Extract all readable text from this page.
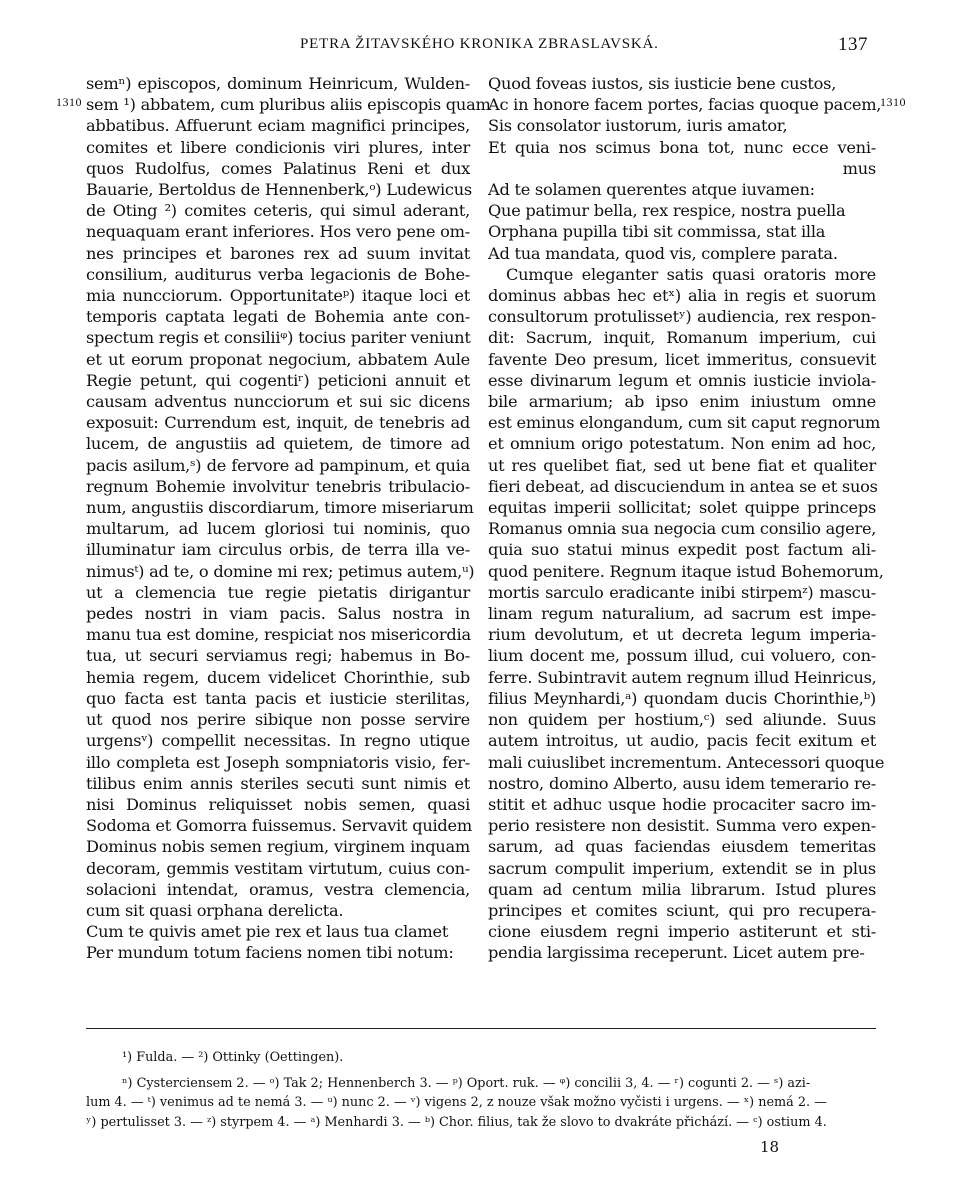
PETRA ŽITAVSKÉHO KRONIKA ZBRASLAVSKÁ.	137
1310	1310
semⁿ) episcopos, dominum Heinricum, Wulden-
sem ¹) abbatem, cum pluribus aliis episcopis quam
abbatibus. Affuerunt eciam magnifici principes,
comites et libere condicionis viri plures, inter
quos Rudolfus, comes Palatinus Reni et dux
Bauarie, Bertoldus de Hennenberk,ᵒ) Ludewicus
de Oting ²) comites ceteris, qui simul aderant,
nequaquam erant inferiores. Hos vero pene om-
nes principes et barones rex ad suum invitat
consilium, auditurus verba legacionis de Bohe-
mia nuncciorum. Opportunitateᵖ) itaque loci et
temporis captata legati de Bohemia ante con-
spectum regis et consiliiᵠ) tocius pariter veniunt
et ut eorum proponat negocium, abbatem Aule
Regie petunt, qui cogentiʳ) peticioni annuit et
causam adventus nuncciorum et sui sic dicens
exposuit: Currendum est, inquit, de tenebris ad
lucem, de angustiis ad quietem, de timore ad
pacis asilum,ˢ) de fervore ad pampinum, et quia
regnum Bohemie involvitur tenebris tribulacio-
num, angustiis discordiarum, timore miseriarum
multarum, ad lucem gloriosi tui nominis, quo
illuminatur iam circulus orbis, de terra illa ve-
nimusᵗ) ad te, o domine mi rex; petimus autem,ᵘ)
ut a clemencia tue regie pietatis dirigantur
pedes nostri in viam pacis. Salus nostra in
manu tua est domine, respiciat nos misericordia
tua, ut securi serviamus regi; habemus in Bo-
hemia regem, ducem videlicet Chorinthie, sub
quo facta est tanta pacis et iusticie sterilitas,
ut quod nos perire sibique non posse servire
urgensᵛ) compellit necessitas. In regno utique
illo completa est Joseph sompniatoris visio, fer-
tilibus enim annis steriles secuti sunt nimis et
nisi Dominus reliquisset nobis semen, quasi
Sodoma et Gomorra fuissemus. Servavit quidem
Dominus nobis semen regium, virginem inquam
decoram, gemmis vestitam virtutum, cuius con-
solacioni intendat, oramus, vestra clemencia,
cum sit quasi orphana derelicta.
Cum te quivis amet pie rex et laus tua clamet
Per mundum totum faciens nomen tibi notum:
Quod foveas iustos, sis iusticie bene custos,
Ac in honore facem portes, facias quoque pacem,
Sis consolator iustorum, iuris amator,
Et quia nos scimus bona tot, nunc ecce veni-
mus
Ad te solamen querentes atque iuvamen:
Que patimur bella, rex respice, nostra puella
Orphana pupilla tibi sit commissa, stat illa
Ad tua mandata, quod vis, complere parata.
Cumque eleganter satis quasi oratoris more
dominus abbas hec etˣ) alia in regis et suorum
consultorum protulissetʸ) audiencia, rex respon-
dit: Sacrum, inquit, Romanum imperium, cui
favente Deo presum, licet immeritus, consuevit
esse divinarum legum et omnis iusticie inviola-
bile armarium; ab ipso enim iniustum omne
est eminus elongandum, cum sit caput regnorum
et omnium origo potestatum. Non enim ad hoc,
ut res quelibet fiat, sed ut bene fiat et qualiter
fieri debeat, ad discuciendum in antea se et suos
equitas imperii sollicitat; solet quippe princeps
Romanus omnia sua negocia cum consilio agere,
quia suo statui minus expedit post factum ali-
quod penitere. Regnum itaque istud Bohemorum,
mortis sarculo eradicante inibi stirpemᶻ) mascu-
linam regum naturalium, ad sacrum est impe-
rium devolutum, et ut decreta legum imperia-
lium docent me, possum illud, cui voluero, con-
ferre. Subintravit autem regnum illud Heinricus,
filius Meynhardi,ᵃ) quondam ducis Chorinthie,ᵇ)
non quidem per hostium,ᶜ) sed aliunde. Suus
autem introitus, ut audio, pacis fecit exitum et
mali cuiuslibet incrementum. Antecessori quoque
nostro, domino Alberto, ausu idem temerario re-
stitit et adhuc usque hodie procaciter sacro im-
perio resistere non desistit. Summa vero expen-
sarum, ad quas faciendas eiusdem temeritas
sacrum compulit imperium, extendit se in plus
quam ad centum milia librarum. Istud plures
principes et comites sciunt, qui pro recupera-
cione eiusdem regni imperio astiterunt et sti-
pendia largissima receperunt. Licet autem pre-
¹) Fulda. — ²) Ottinky (Oettingen).
ⁿ) Cysterciensem 2. — ᵒ) Tak 2; Hennenberch 3. — ᵖ) Oport. ruk. — ᵠ) concilii 3, 4. — ʳ) cogunti 2. — ˢ) azi-
lum 4. — ᵗ) venimus ad te nemá 3. — ᵘ) nunc 2. — ᵛ) vigens 2, z nouze však možno vyčisti i urgens. — ˣ) nemá 2. —
ʸ) pertulisset 3. — ᶻ) styrpem 4. — ᵃ) Menhardi 3. — ᵇ) Chor. filius, tak že slovo to dvakráte přichází. — ᶜ) ostium 4.
18
